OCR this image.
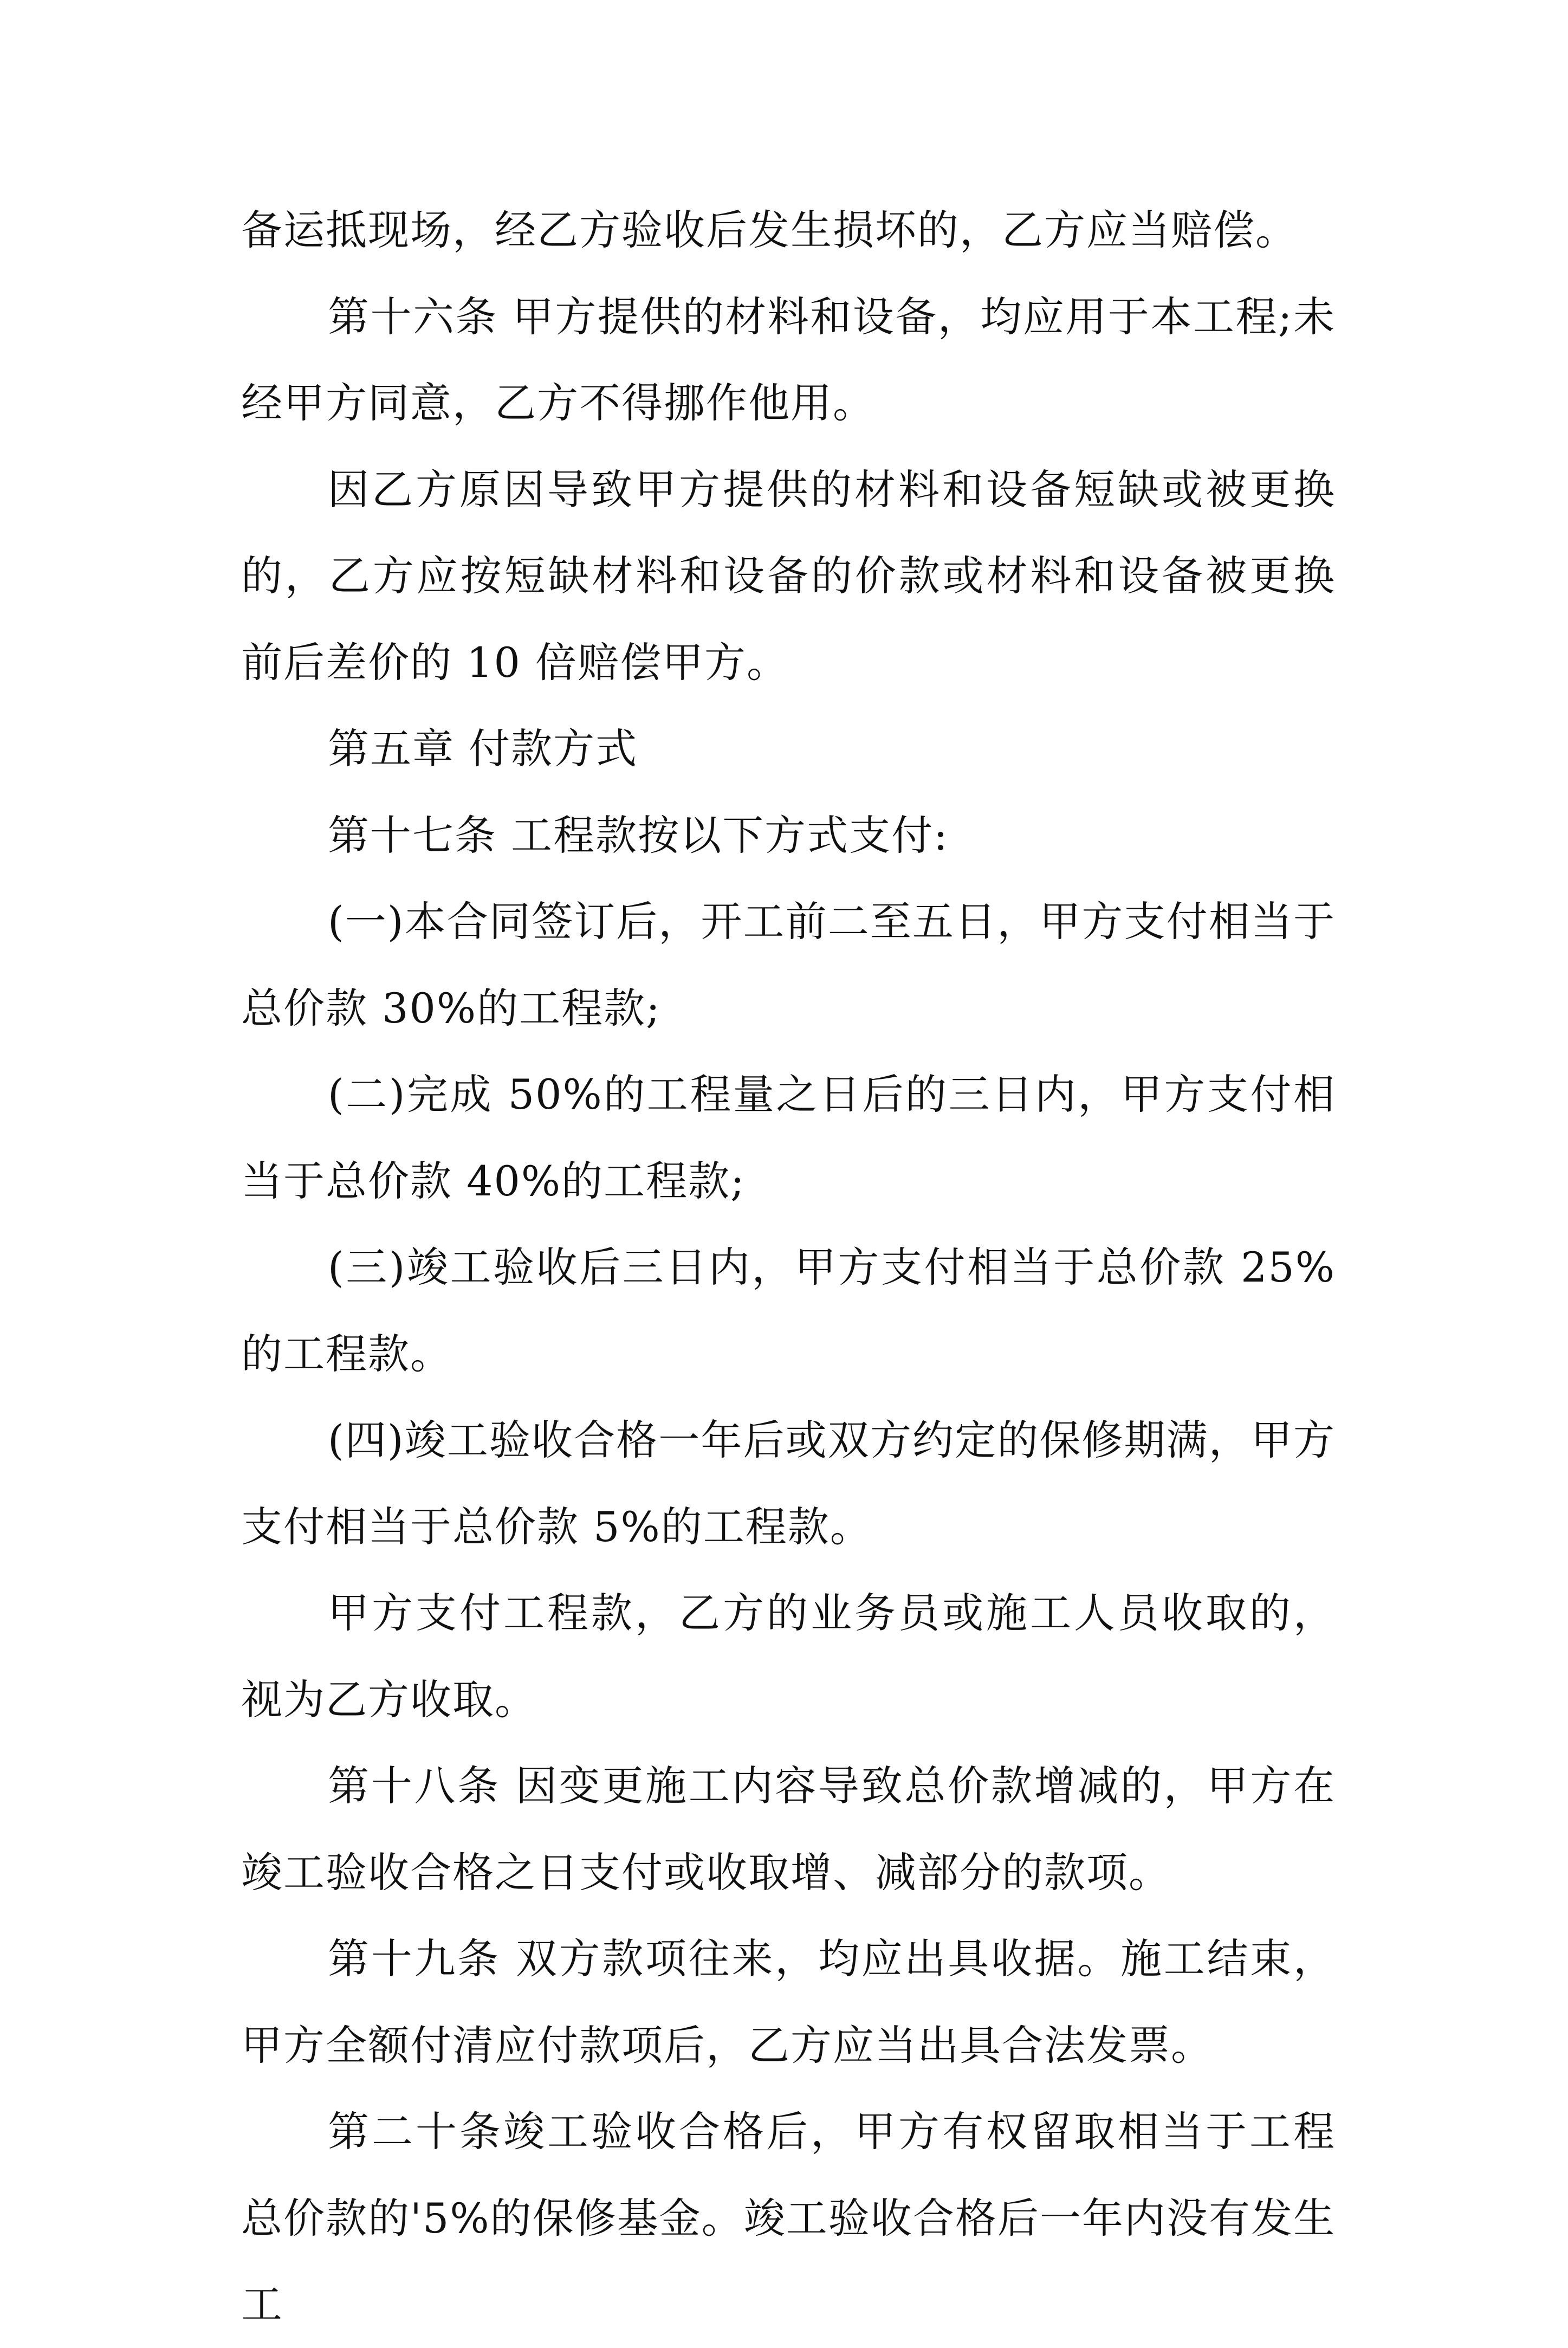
备运抵现场，经乙方验收后发生损坏的，乙方应当赔偿。

第十六条 甲方提供的材料和设备，均应用于本工程;未经甲方同意，乙方不得挪作他用。

因乙方原因导致甲方提供的材料和设备短缺或被更换的，乙方应按短缺材料和设备的价款或材料和设备被更换前后差价的 10 倍赔偿甲方。

第五章 付款方式

第十七条 工程款按以下方式支付:

(一)本合同签订后，开工前二至五日，甲方支付相当于总价款 30%的工程款;

(二)完成 50%的工程量之日后的三日内，甲方支付相当于总价款 40%的工程款;

(三)竣工验收后三日内，甲方支付相当于总价款 25%的工程款。

(四)竣工验收合格一年后或双方约定的保修期满，甲方支付相当于总价款 5%的工程款。

甲方支付工程款，乙方的业务员或施工人员收取的，视为乙方收取。

第十八条 因变更施工内容导致总价款增减的，甲方在竣工验收合格之日支付或收取增、减部分的款项。

第十九条 双方款项往来，均应出具收据。施工结束，甲方全额付清应付款项后，乙方应当出具合法发票。

第二十条竣工验收合格后，甲方有权留取相当于工程总价款的'5%的保修基金。竣工验收合格后一年内没有发生工
